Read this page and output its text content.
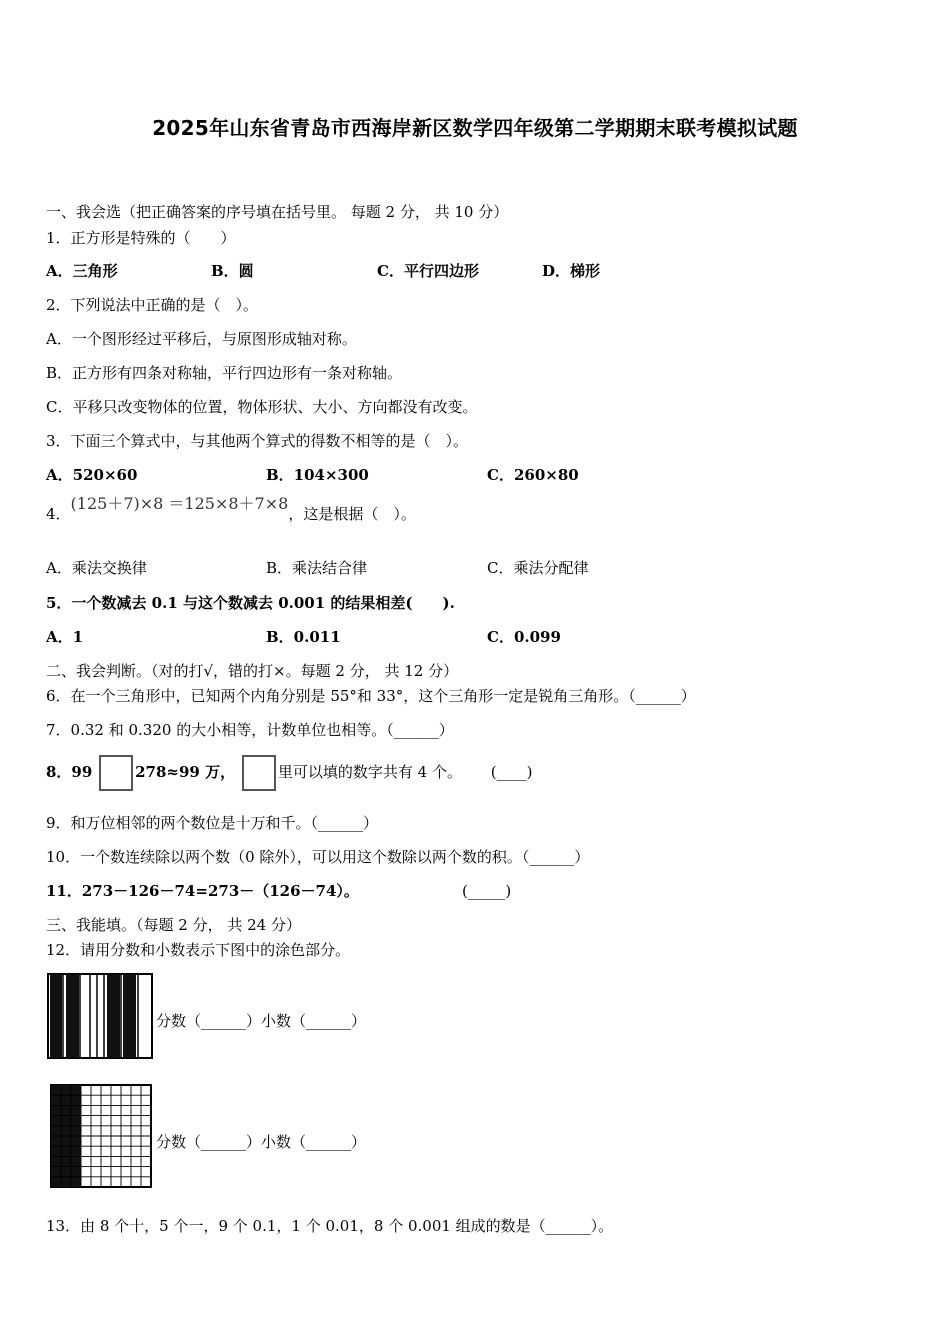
2025年山东省青岛市西海岸新区数学四年级第二学期期末联考模拟试题
一、我会选（把正确答案的序号填在括号里。 每题 2 分， 共 10 分）
1．正方形是特殊的（　　）
A．三角形	B．圆	C．平行四边形	D．梯形
2．下列说法中正确的是（　）。
A．一个图形经过平移后，与原图形成轴对称。
B．正方形有四条对称轴，平行四边形有一条对称轴。
C．平移只改变物体的位置，物体形状、大小、方向都没有改变。
3．下面三个算式中，与其他两个算式的得数不相等的是（　）。
A．520×60	B．104×300	C．260×80
4．(125＋7)×8 ＝125×8＋7×8，这是根据（　）。
A．乘法交换律	B．乘法结合律	C．乘法分配律
5．一个数减去 0.1 与这个数减去 0.001 的结果相差(　　).
A．1	B．0.011	C．0.099
二、我会判断。（对的打√，错的打×。每题 2 分， 共 12 分）
6．在一个三角形中，已知两个内角分别是 55°和 33°，这个三角形一定是锐角三角形。（______）
7．0.32 和 0.320 的大小相等，计数单位也相等。（______）
8．99	278≈99 万，	里可以填的数字共有 4 个。 (____)
9．和万位相邻的两个数位是十万和千。（______）
10．一个数连续除以两个数（0 除外），可以用这个数除以两个数的积。（______）
11．273－126－74=273－（126－74）。	(_____)
三、我能填。（每题 2 分， 共 24 分）
12．请用分数和小数表示下图中的涂色部分。
分数（______）小数（______）
分数（______）小数（______）
13．由 8 个十，5 个一，9 个 0.1，1 个 0.01，8 个 0.001 组成的数是（______）。
